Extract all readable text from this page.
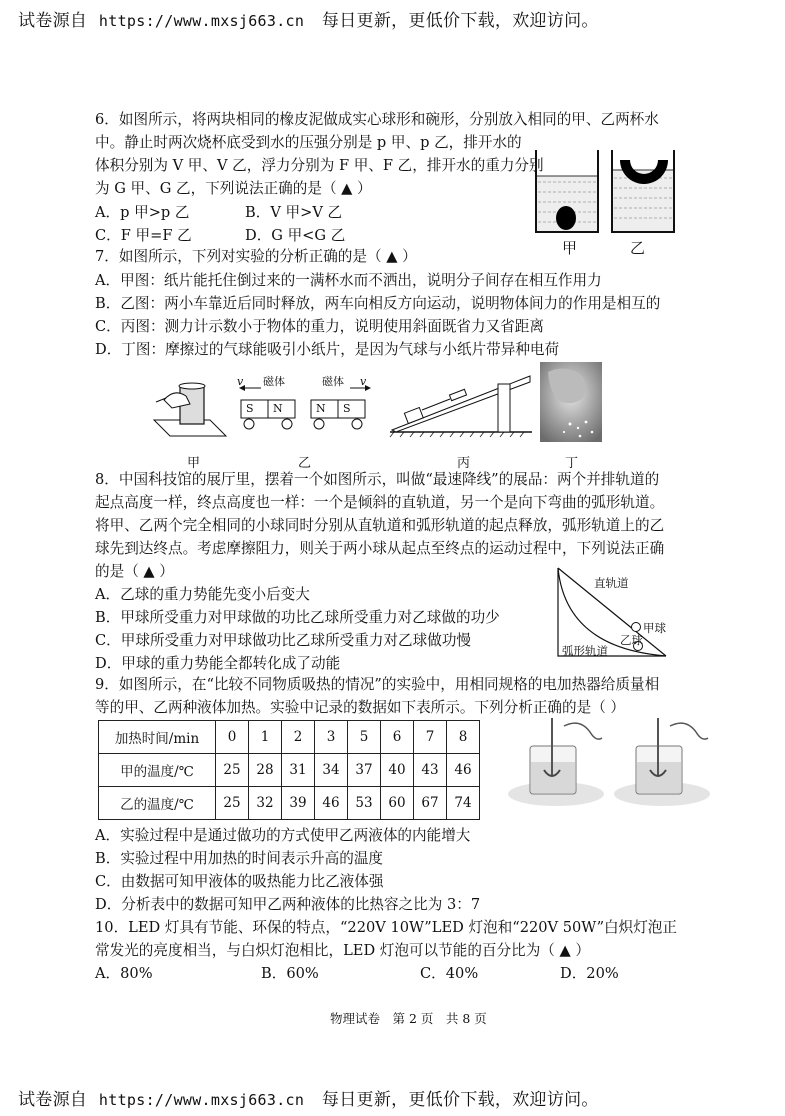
试卷源自 https://www.mxsj663.cn 每日更新，更低价下载，欢迎访问。
6．如图所示，将两块相同的橡皮泥做成实心球形和碗形，分别放入相同的甲、乙两杯水
中。静止时两次烧杯底受到水的压强分别是 p 甲、p 乙，排开水的
体积分别为 V 甲、V 乙，浮力分别为 F 甲、F 乙，排开水的重力分别
为 G 甲、G 乙，下列说法正确的是（ ▲ ）
A．p 甲>p 乙	B．V 甲>V 乙
C．F 甲=F 乙	D．G 甲<G 乙
甲	乙
7．如图所示，下列对实验的分析正确的是（ ▲ ）
A．甲图：纸片能托住倒过来的一满杯水而不洒出，说明分子间存在相互作用力
B．乙图：两小车靠近后同时释放，两车向相反方向运动，说明物体间力的作用是相互的
C．丙图：测力计示数小于物体的重力，说明使用斜面既省力又省距离
D．丁图：摩擦过的气球能吸引小纸片，是因为气球与小纸片带异种电荷
甲
v 磁体	磁体 v
S N	N S
乙	丙	丁
8．中国科技馆的展厅里，摆着一个如图所示，叫做“最速降线”的展品：两个并排轨道的
起点高度一样，终点高度也一样：一个是倾斜的直轨道，另一个是向下弯曲的弧形轨道。
将甲、乙两个完全相同的小球同时分别从直轨道和弧形轨道的起点释放，弧形轨道上的乙
球先到达终点。考虑摩擦阻力，则关于两小球从起点至终点的运动过程中，下列说法正确
的是（ ▲ ）
A．乙球的重力势能先变小后变大
B．甲球所受重力对甲球做的功比乙球所受重力对乙球做的功少
C．甲球所受重力对甲球做功比乙球所受重力对乙球做功慢
D．甲球的重力势能全都转化成了动能
直轨道
甲球
乙球
弧形轨道
9．如图所示，在“比较不同物质吸热的情况”的实验中，用相同规格的电加热器给质量相
等的甲、乙两种液体加热。实验中记录的数据如下表所示。下列分析正确的是（ ）
加热时间/min	0	1	2	3	5	6	7	8
甲的温度/℃	25	28	31	34	37	40	43	46
乙的温度/℃	25	32	39	46	53	60	67	74
A．实验过程中是通过做功的方式使甲乙两液体的内能增大
B．实验过程中用加热的时间表示升高的温度
C．由数据可知甲液体的吸热能力比乙液体强
D．分析表中的数据可知甲乙两种液体的比热容之比为 3：7
10．LED 灯具有节能、环保的特点，“220V 10W”LED 灯泡和“220V 50W”白炽灯泡正
常发光的亮度相当，与白炽灯泡相比，LED 灯泡可以节能的百分比为（ ▲ ）
A．80%	B．60%	C．40%	D．20%
物理试卷　第 2 页　共 8 页
试卷源自 https://www.mxsj663.cn 每日更新，更低价下载，欢迎访问。
